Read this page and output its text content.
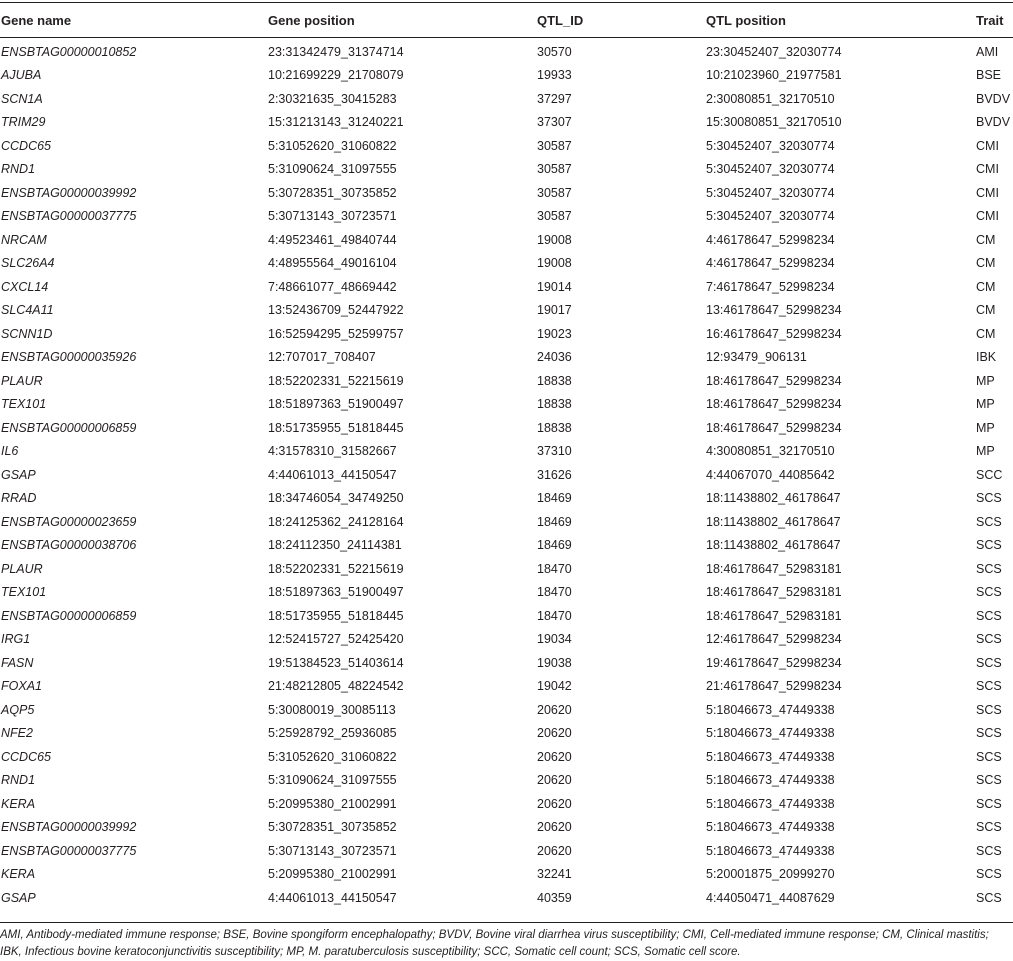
Gene name	Gene position	QTL_ID	QTL position	Trait
ENSBTAG00000010852	23:31342479_31374714	30570	23:30452407_32030774	AMI
AJUBA	10:21699229_21708079	19933	10:21023960_21977581	BSE
SCN1A	2:30321635_30415283	37297	2:30080851_32170510	BVDV
TRIM29	15:31213143_31240221	37307	15:30080851_32170510	BVDV
CCDC65	5:31052620_31060822	30587	5:30452407_32030774	CMI
RND1	5:31090624_31097555	30587	5:30452407_32030774	CMI
ENSBTAG00000039992	5:30728351_30735852	30587	5:30452407_32030774	CMI
ENSBTAG00000037775	5:30713143_30723571	30587	5:30452407_32030774	CMI
NRCAM	4:49523461_49840744	19008	4:46178647_52998234	CM
SLC26A4	4:48955564_49016104	19008	4:46178647_52998234	CM
CXCL14	7:48661077_48669442	19014	7:46178647_52998234	CM
SLC4A11	13:52436709_52447922	19017	13:46178647_52998234	CM
SCNN1D	16:52594295_52599757	19023	16:46178647_52998234	CM
ENSBTAG00000035926	12:707017_708407	24036	12:93479_906131	IBK
PLAUR	18:52202331_52215619	18838	18:46178647_52998234	MP
TEX101	18:51897363_51900497	18838	18:46178647_52998234	MP
ENSBTAG00000006859	18:51735955_51818445	18838	18:46178647_52998234	MP
IL6	4:31578310_31582667	37310	4:30080851_32170510	MP
GSAP	4:44061013_44150547	31626	4:44067070_44085642	SCC
RRAD	18:34746054_34749250	18469	18:11438802_46178647	SCS
ENSBTAG00000023659	18:24125362_24128164	18469	18:11438802_46178647	SCS
ENSBTAG00000038706	18:24112350_24114381	18469	18:11438802_46178647	SCS
PLAUR	18:52202331_52215619	18470	18:46178647_52983181	SCS
TEX101	18:51897363_51900497	18470	18:46178647_52983181	SCS
ENSBTAG00000006859	18:51735955_51818445	18470	18:46178647_52983181	SCS
IRG1	12:52415727_52425420	19034	12:46178647_52998234	SCS
FASN	19:51384523_51403614	19038	19:46178647_52998234	SCS
FOXA1	21:48212805_48224542	19042	21:46178647_52998234	SCS
AQP5	5:30080019_30085113	20620	5:18046673_47449338	SCS
NFE2	5:25928792_25936085	20620	5:18046673_47449338	SCS
CCDC65	5:31052620_31060822	20620	5:18046673_47449338	SCS
RND1	5:31090624_31097555	20620	5:18046673_47449338	SCS
KERA	5:20995380_21002991	20620	5:18046673_47449338	SCS
ENSBTAG00000039992	5:30728351_30735852	20620	5:18046673_47449338	SCS
ENSBTAG00000037775	5:30713143_30723571	20620	5:18046673_47449338	SCS
KERA	5:20995380_21002991	32241	5:20001875_20999270	SCS
GSAP	4:44061013_44150547	40359	4:44050471_44087629	SCS
AMI, Antibody-mediated immune response; BSE, Bovine spongiform encephalopathy; BVDV, Bovine viral diarrhea virus susceptibility; CMI, Cell-mediated immune response; CM, Clinical mastitis; IBK, Infectious bovine keratoconjunctivitis susceptibility; MP, M. paratuberculosis susceptibility; SCC, Somatic cell count; SCS, Somatic cell score.
